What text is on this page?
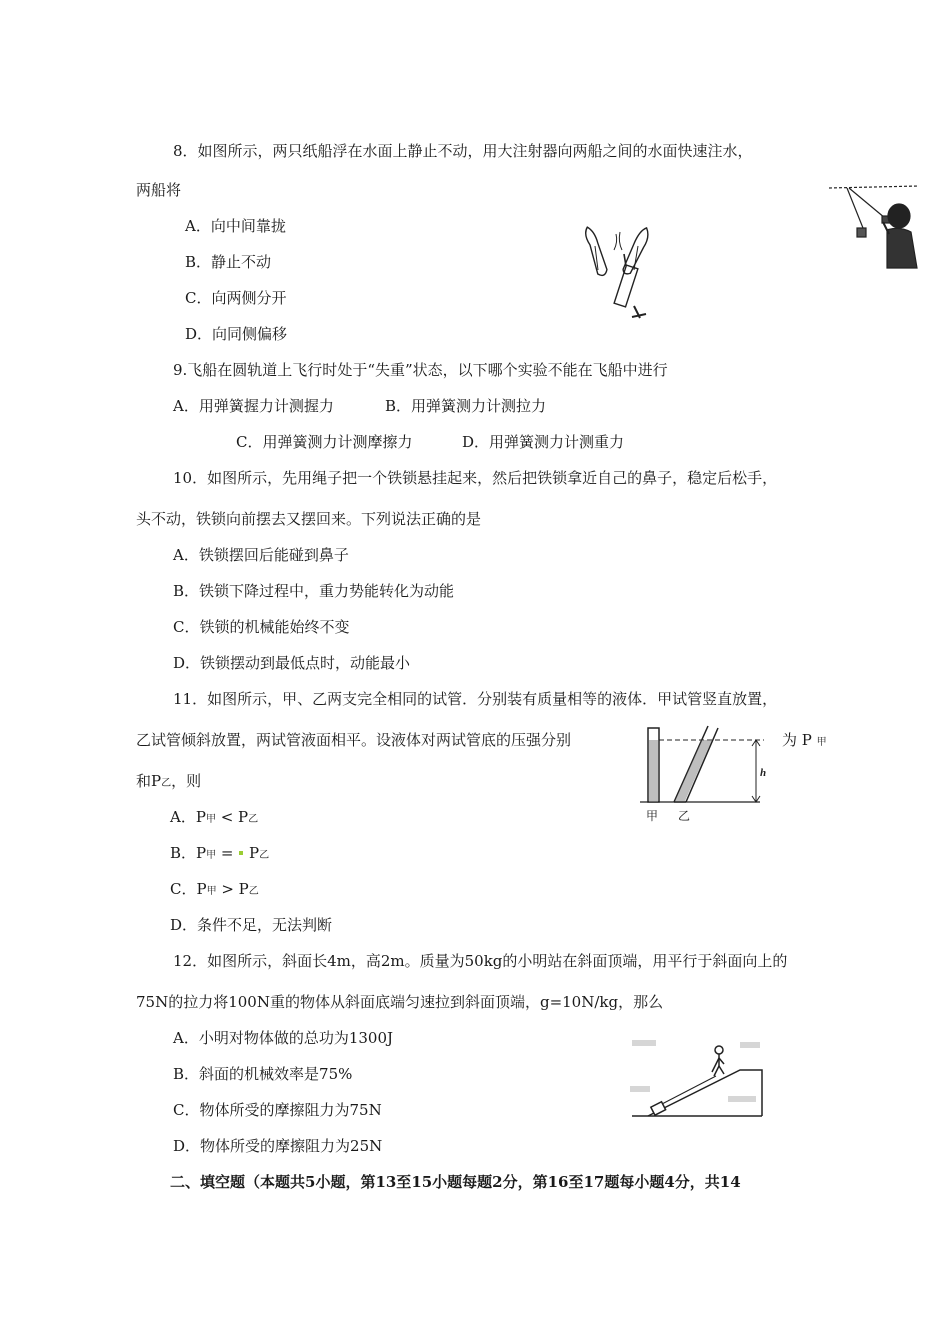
8．如图所示，两只纸船浮在水面上静止不动，用大注射器向两船之间的水面快速注水，
两船将
A．向中间靠拢
B．静止不动
C．向两侧分开
D．向同侧偏移
9.飞船在圆轨道上飞行时处于“失重”状态，以下哪个实验不能在飞船中进行
A．用弹簧握力计测握力	B．用弹簧测力计测拉力
C．用弹簧测力计测摩擦力	D．用弹簧测力计测重力
10．如图所示，先用绳子把一个铁锁悬挂起来，然后把铁锁拿近自己的鼻子，稳定后松手，
头不动，铁锁向前摆去又摆回来。下列说法正确的是
A．铁锁摆回后能碰到鼻子
B．铁锁下降过程中，重力势能转化为动能
C．铁锁的机械能始终不变
D．铁锁摆动到最低点时，动能最小
11．如图所示，甲、乙两支完全相同的试管．分别装有质量相等的液体．甲试管竖直放置，
乙试管倾斜放置，两试管液面相平。设液体对两试管底的压强分别	为 P 甲
和P乙，则
A．P甲 < P乙
B．P甲 =  P乙
C．P甲 > P乙
D．条件不足，无法判断
h
甲 乙
12．如图所示，斜面长4m，高2m。质量为50kg的小明站在斜面顶端，用平行于斜面向上的
75N的拉力将100N重的物体从斜面底端匀速拉到斜面顶端，g=10N/kg，那么
A．小明对物体做的总功为1300J
B．斜面的机械效率是75%
C．物体所受的摩擦阻力为75N
D．物体所受的摩擦阻力为25N
二、填空题（本题共5小题，第13至15小题每题2分，第16至17题每小题4分，共14
